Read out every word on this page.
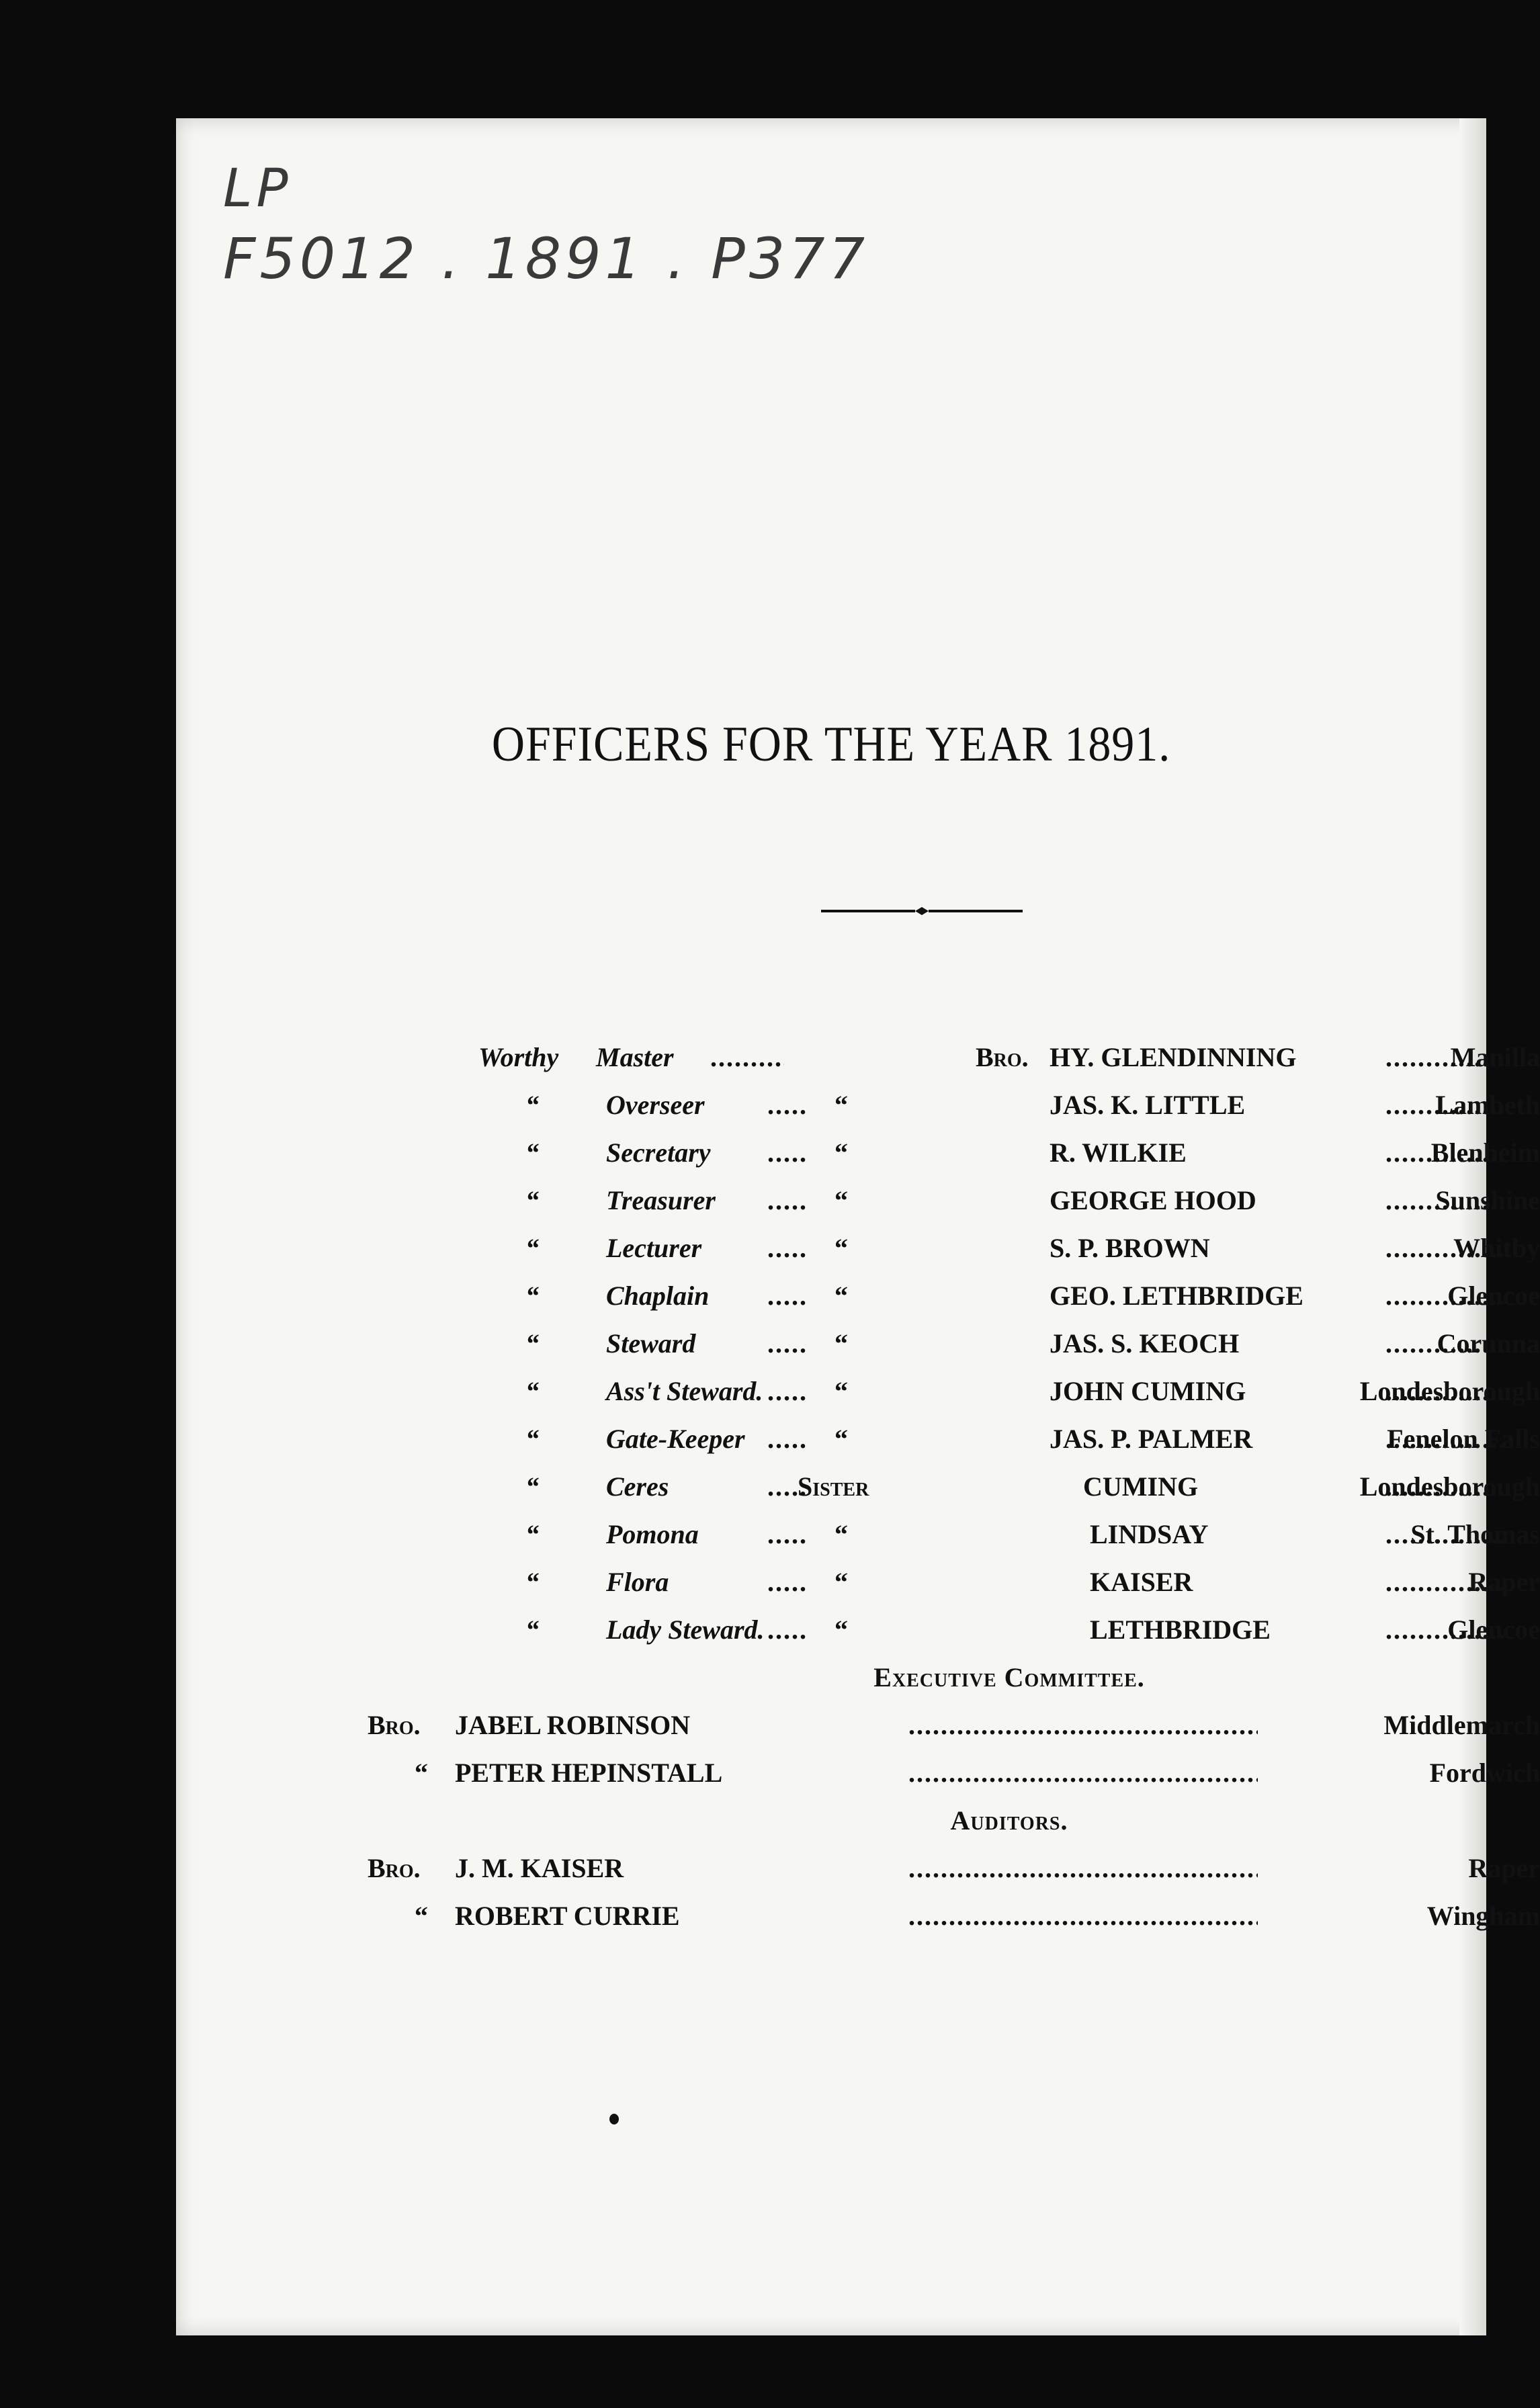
LP
F5012 . 1891 . P377
OFFICERS FOR THE YEAR 1891.
Worthy Master .....	Bro. HY. GLENDINNING .....	Manilla
“	Overseer .....	“	JAS. K. LITTLE .....	Lambeth
“	Secretary .....	“	R. WILKIE .....	Blenheim
“	Treasurer .....	“	GEORGE HOOD .....	Sunshine
“	Lecturer .....	“	S. P. BROWN .....	Whitby
“	Chaplain .....	“	GEO. LETHBRIDGE .....	Glencoe
“	Steward .....	“	JAS. S. KEOCH .....	Corunna
“	Ass't Steward. .....	“	JOHN CUMING .....	Londesborough
“	Gate-Keeper .....	“	JAS. P. PALMER .....	Fenelon Falls
“	Ceres .....	Sister	CUMING .....	Londesborough
“	Pomona .....	“	LINDSAY .....	St. Thomas
“	Flora .....	“	KAISER .....	Raper
“	Lady Steward. .....	“	LETHBRIDGE .....	Glencoe
Executive Committee.
Bro. JABEL ROBINSON .....	Middlemarch
“ PETER HEPINSTALL .....	Fordwich
Auditors.
Bro. J. M. KAISER .....	Raper
“ ROBERT CURRIE .....	Wingham
